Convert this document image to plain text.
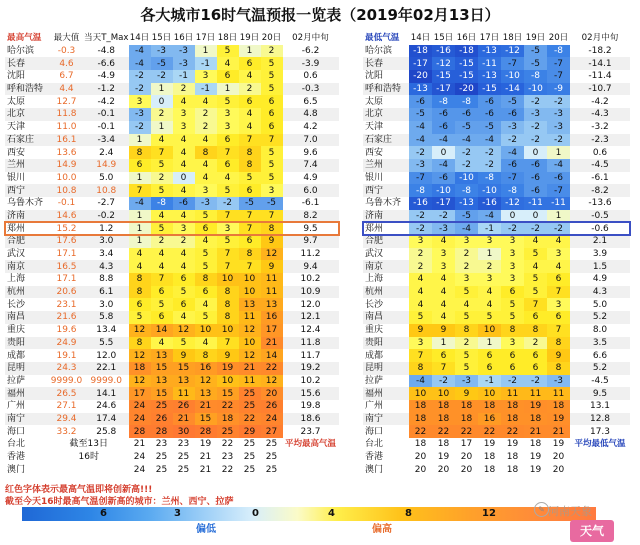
各大城市16时气温预报一览表（2019年02月13日）
最高气温	最大值	当天T_Max	14日	15日	16日	17日	18日	19日	20日	02月中旬
哈尔滨	-0.3	-4.8	-4	-3	-3	1	5	1	2	-6.2
长春	4.6	-6.6	-4	-5	-3	-1	4	6	5	-3.9
沈阳	6.7	-4.9	-2	-2	-1	3	6	4	5	0.6
呼和浩特	4.4	-1.2	-2	1	2	-1	1	2	5	-0.3
太原	12.7	-4.2	3	0	4	4	5	6	6	6.5
北京	11.8	-0.1	-3	2	3	2	3	4	6	4.8
天津	11.0	-0.1	-2	1	3	2	3	4	6	4.2
石家庄	16.1	-3.4	1	4	4	4	6	7	7	7.0
西安	13.6	2.4	8	7	4	8	7	8	5	9.6
兰州	14.9	14.9	6	5	4	4	6	8	5	7.4
银川	10.0	5.0	1	2	0	4	4	5	5	4.9
西宁	10.8	10.8	7	5	4	3	5	6	3	6.0
乌鲁木齐	-0.1	-2.7	-4	-8	-6	-3	-2	-5	-5	-6.1
济南	14.6	-0.2	1	4	4	5	7	7	7	8.2
郑州	15.2	1.2	1	5	3	6	3	7	8	9.5
合肥	17.6	3.0	1	2	2	4	5	6	9	9.7
武汉	17.1	3.4	4	4	4	5	7	8	12	11.2
南京	16.5	4.3	4	4	4	5	7	7	9	9.4
上海	17.1	8.8	8	7	6	8	10	10	11	10.2
杭州	20.6	6.1	8	6	5	6	8	10	11	10.9
长沙	23.1	3.0	6	5	6	4	8	13	13	12.0
南昌	21.6	5.8	5	6	4	5	8	11	16	12.1
重庆	19.6	13.4	12	14	12	10	10	12	17	12.4
贵阳	24.9	5.5	8	4	5	4	7	10	21	11.8
成都	19.1	12.0	12	13	9	8	9	12	14	11.7
昆明	24.3	22.1	18	15	15	16	19	21	22	19.2
拉萨	9999.0	9999.0	12	13	13	12	10	11	12	10.2
福州	26.5	14.1	17	15	11	13	15	25	20	15.6
广州	27.1	24.6	24	25	26	21	22	25	26	19.8
南宁	29.4	17.4	24	26	21	15	18	22	24	18.6
海口	33.2	25.8	28	28	30	28	25	29	27	23.7
台北	截至13日		21	23	23	19	22	25	25	平均最高气温
香港	16时		24	25	25	21	23	25	25	
澳门			24	25	25	21	22	25	25	
最低气温	14日	15日	16日	17日	18日	19日	20日	02月中旬
哈尔滨	-18	-16	-18	-13	-12	-5	-8	-18.2
长春	-17	-12	-15	-11	-7	-5	-7	-14.1
沈阳	-20	-15	-15	-13	-10	-8	-7	-11.4
呼和浩特	-13	-17	-20	-15	-14	-10	-9	-10.7
太原	-6	-8	-8	-6	-5	-2	-2	-4.2
北京	-5	-6	-6	-6	-6	-3	-3	-4.3
天津	-4	-6	-5	-5	-3	-2	-3	-3.2
石家庄	-4	-4	-4	-4	-2	-2	-2	-2.3
西安	-2	0	-2	-2	-4	0	1	0.6
兰州	-3	-4	-2	-2	-6	-6	-4	-4.5
银川	-7	-6	-10	-8	-7	-6	-6	-6.1
西宁	-8	-10	-8	-10	-8	-6	-7	-8.2
乌鲁木齐	-16	-17	-13	-16	-12	-11	-11	-13.6
济南	-2	-2	-5	-4	0	0	1	-0.5
郑州	-2	-3	-4	-1	-2	-2	-2	-0.6
合肥	3	4	3	3	3	4	4	2.1
武汉	2	3	2	1	3	5	3	3.9
南京	2	3	2	2	3	4	4	1.5
上海	4	4	3	3	3	5	6	4.9
杭州	4	4	5	4	6	5	7	4.3
长沙	4	4	4	4	5	7	3	5.0
南昌	5	4	5	5	5	6	6	5.2
重庆	9	9	8	10	8	8	7	8.0
贵阳	3	1	2	1	3	2	8	3.5
成都	7	6	5	6	6	6	9	6.6
昆明	8	7	5	6	6	6	8	5.2
拉萨	-4	-2	-3	-1	-2	-2	-3	-4.5
福州	10	10	9	10	11	11	11	9.5
广州	18	18	18	18	18	19	18	13.1
南宁	18	18	18	16	18	18	19	12.8
海口	22	22	22	22	22	21	21	17.3
台北	18	18	17	19	19	18	19	平均最低气温
香港	20	19	20	18	18	19	20	
澳门	20	20	20	18	18	19	20	
红色字体表示最高气温即将创新高!!!
截至今天16时最高气温创新高的城市：兰州、西宁、拉萨
6	3	0	4	8	12
偏低	偏高
✎ 河南天象
天气
